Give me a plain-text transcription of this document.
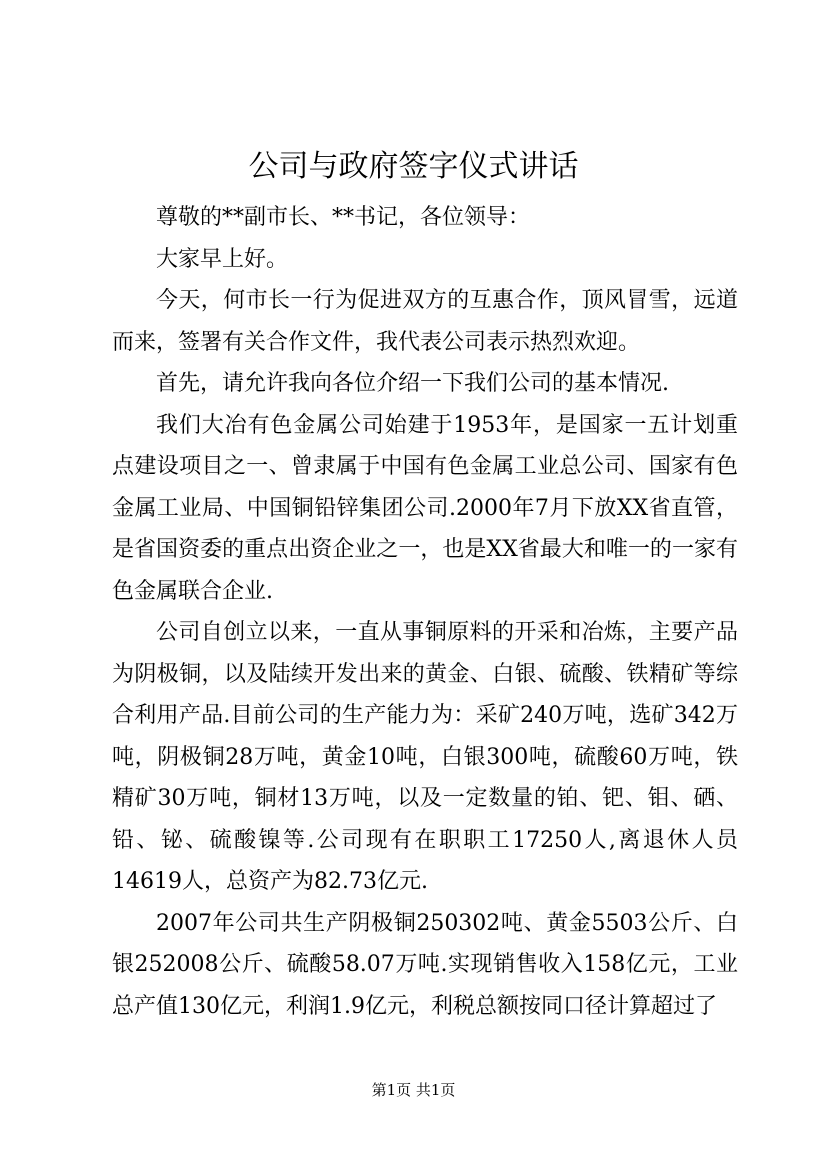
公司与政府签字仪式讲话

尊敬的**副市长、**书记，各位领导：

大家早上好。

今天，何市长一行为促进双方的互惠合作，顶风冒雪，远道而来，签署有关合作文件，我代表公司表示热烈欢迎。

首先，请允许我向各位介绍一下我们公司的基本情况.

我们大冶有色金属公司始建于1953年，是国家一五计划重点建设项目之一、曾隶属于中国有色金属工业总公司、国家有色金属工业局、中国铜铅锌集团公司.2000年7月下放XX省直管，是省国资委的重点出资企业之一，也是XX省最大和唯一的一家有色金属联合企业.

公司自创立以来，一直从事铜原料的开采和冶炼，主要产品为阴极铜，以及陆续开发出来的黄金、白银、硫酸、铁精矿等综合利用产品.目前公司的生产能力为：采矿240万吨，选矿342万吨，阴极铜28万吨，黄金10吨，白银300吨，硫酸60万吨，铁精矿30万吨，铜材13万吨，以及一定数量的铂、钯、钼、硒、铅、铋、硫酸镍等.公司现有在职职工17250人,离退休人员14619人，总资产为82.73亿元.

2007年公司共生产阴极铜250302吨、黄金5503公斤、白银252008公斤、硫酸58.07万吨.实现销售收入158亿元，工业总产值130亿元，利润1.9亿元，利税总额按同口径计算超过了

第1页 共1页
